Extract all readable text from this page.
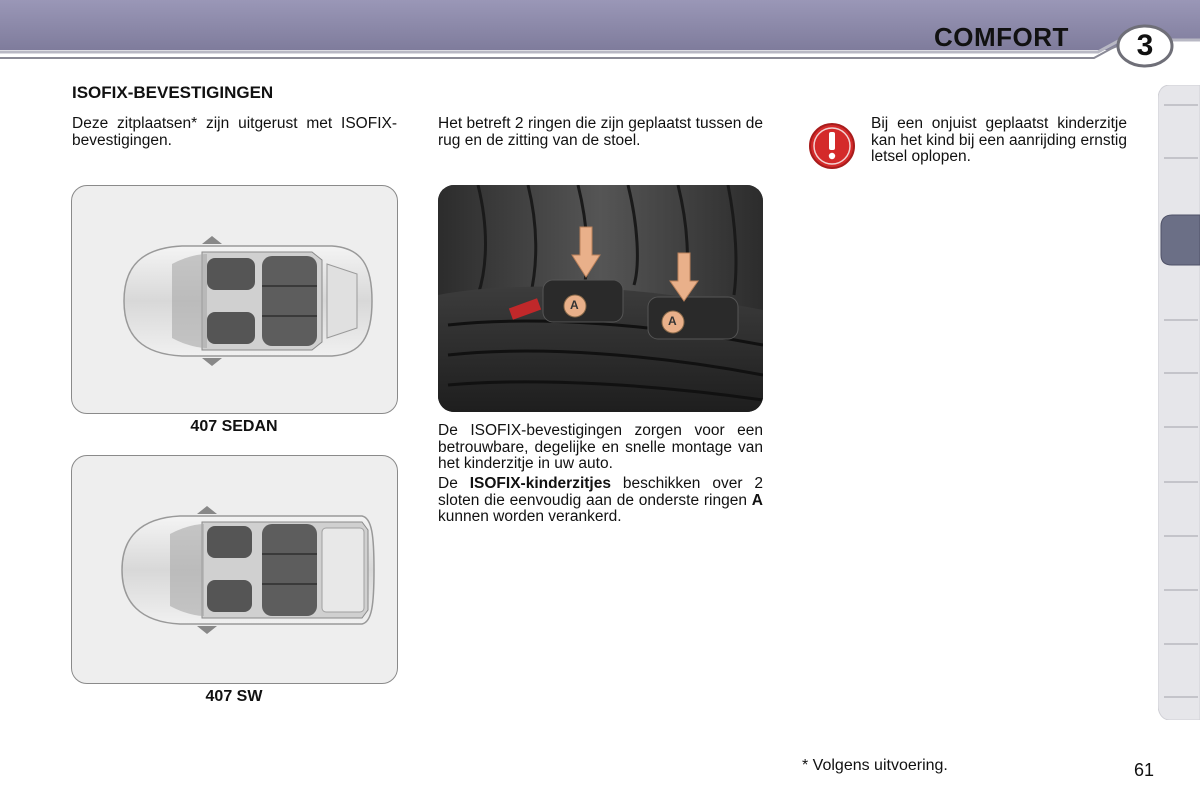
COMFORT	3
ISOFIX-BEVESTIGINGEN
Deze zitplaatsen* zijn uitgerust met ISOFIX-bevestigingen.
407 SEDAN
407 SW
Het betreft 2 ringen die zijn geplaatst tussen de rug en de zitting van de stoel.
A
A
De ISOFIX-bevestigingen zorgen voor een betrouwbare, degelijke en snelle montage van het kinderzitje in uw auto.
De ISOFIX-kinderzitjes beschikken over 2 sloten die eenvoudig aan de onderste ringen A kunnen worden verankerd.
Bij een onjuist geplaatst kinderzitje kan het kind bij een aanrijding ernstig letsel oplopen.
* Volgens uitvoering.	61
